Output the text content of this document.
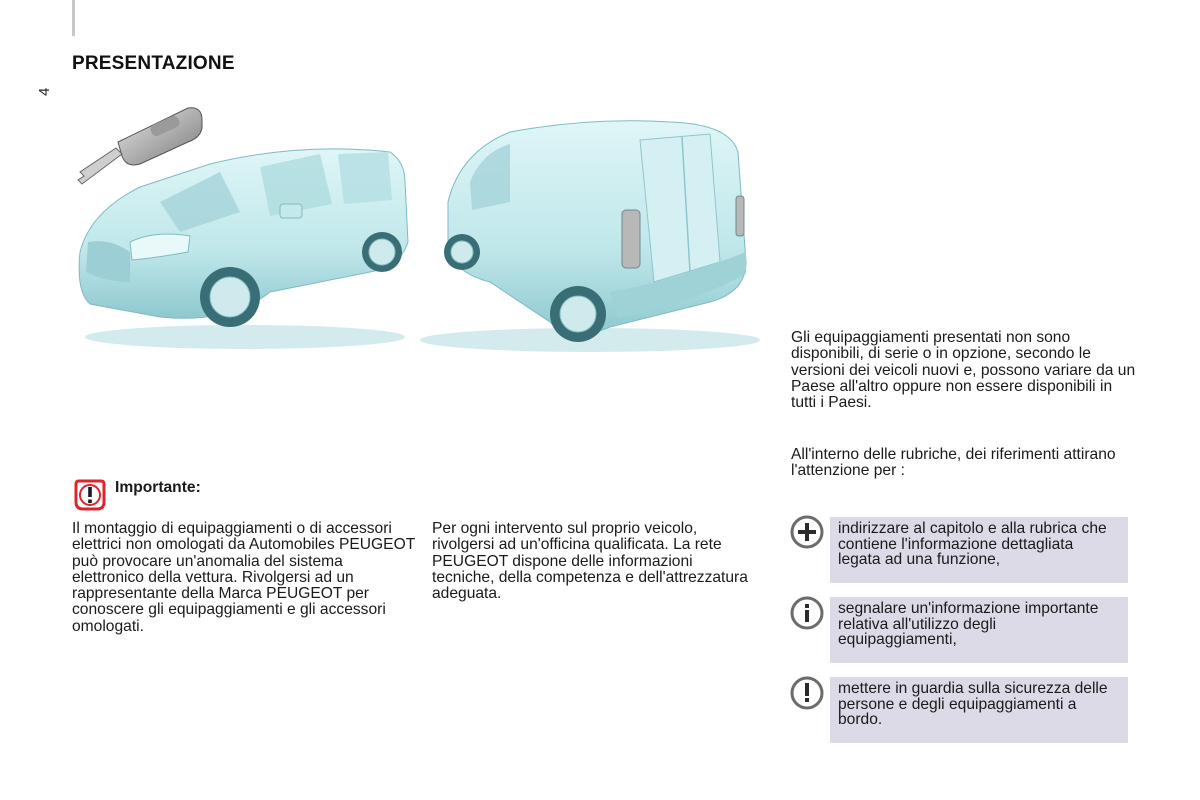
4
PRESENTAZIONE

Gli equipaggiamenti presentati non sono disponibili, di serie o in opzione, secondo le versioni dei veicoli nuovi e, possono variare da un Paese all'altro oppure non essere disponibili in tutti i Paesi.

All'interno delle rubriche, dei riferimenti attirano l'attenzione per :

Importante:

Il montaggio di equipaggiamenti o di accessori elettrici non omologati da Automobiles PEUGEOT può provocare un'anomalia del sistema elettronico della vettura. Rivolgersi ad un rappresentante della Marca PEUGEOT per conoscere gli equipaggiamenti e gli accessori omologati.

Per ogni intervento sul proprio veicolo, rivolgersi ad un'officina qualificata. La rete PEUGEOT dispone delle informazioni tecniche, della competenza e dell'attrezzatura adeguata.

indirizzare al capitolo e alla rubrica che contiene l'informazione dettagliata legata ad una funzione,

segnalare un'informazione importante relativa all'utilizzo degli equipaggiamenti,

mettere in guardia sulla sicurezza delle persone e degli equipaggiamenti a bordo.
